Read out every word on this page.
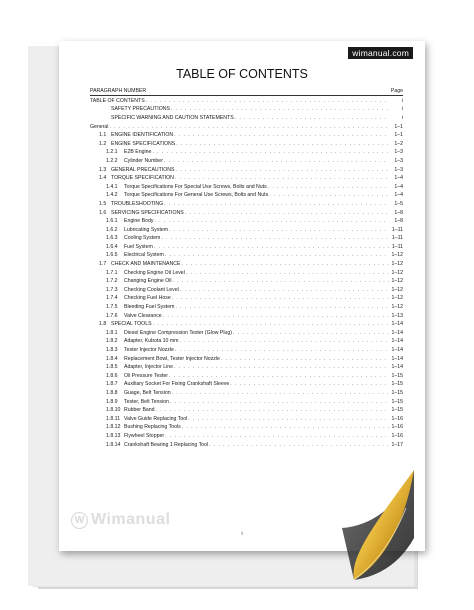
wimanual.com
TABLE OF CONTENTS
PARAGRAPH NUMBER	Page
TABLE OF CONTENTS . . .	i
SAFETY PRECAUTIONS . . .	i
SPECIFIC WARNING AND CAUTION STATEMENTS . . .	i
General . . .	1–1
1.1 ENGINE IDENTIFICATION . . .	1–1
1.2 ENGINE SPECIFICATIONS . . .	1–2
1.2.1	E2B Engine . . .	1–3
1.2.2	Cylinder Number . . .	1–3
1.3 GENERAL PRECAUTIONS . . .	1–3
1.4 TORQUE SPECIFICATION . . .	1–4
1.4.1	Torque Specifications For Special Use Screws, Bolts and Nuts . . .	1–4
1.4.2	Torque Specifications For General Use Screws, Bolts and Nuts . . .	1–4
1.5 TROUBLESHOOTING . . .	1–5
1.6 SERVICING SPECIFICATIONS . . .	1–8
1.6.1	Engine Body . . .	1–8
1.6.2	Lubricating System . . .	1–11
1.6.3	Cooling System . . .	1–11
1.6.4	Fuel System . . .	1–11
1.6.5	Electrical System . . .	1–12
1.7 CHECK AND MAINTENANCE . . .	1–12
1.7.1	Checking Engine Oil Level . . .	1–12
1.7.2	Changing Engine Oil . . .	1–12
1.7.3	Checking Coolant Level . . .	1–12
1.7.4	Checking Fuel Hose . . .	1–12
1.7.5	Bleeding Fuel System . . .	1–12
1.7.6	Valve Clearance . . .	1–13
1.8 SPECIAL TOOLS . . .	1–14
1.8.1	Diesel Engine Compression Tester (Glow Plug) . . .	1–14
1.8.2	Adapter, Kubota 10 mm . . .	1–14
1.8.3	Tester Injector Nozzle . . .	1–14
1.8.4	Replacement Bowl, Tester Injector Nozzle . . .	1–14
1.8.5	Adapter, Injector Line . . .	1–14
1.8.6	Oil Pressure Tester . . .	1–15
1.8.7	Auxiliary Socket For Fixing Crankshaft Sleeve . . .	1–15
1.8.8	Guage, Belt Tension . . .	1–15
1.8.9	Tester, Belt Tension . . .	1–15
1.8.10 Rubber Band . . .	1–15
1.8.11 Valve Guide Replacing Tool . . .	1–16
1.8.12 Bushing Replacing Tools . . .	1–16
1.8.13 Flywheel Stopper . . .	1–16
1.8.14 Crankshaft Bearing 1 Replacing Tool . . .	1–17
W Wimanual
i
